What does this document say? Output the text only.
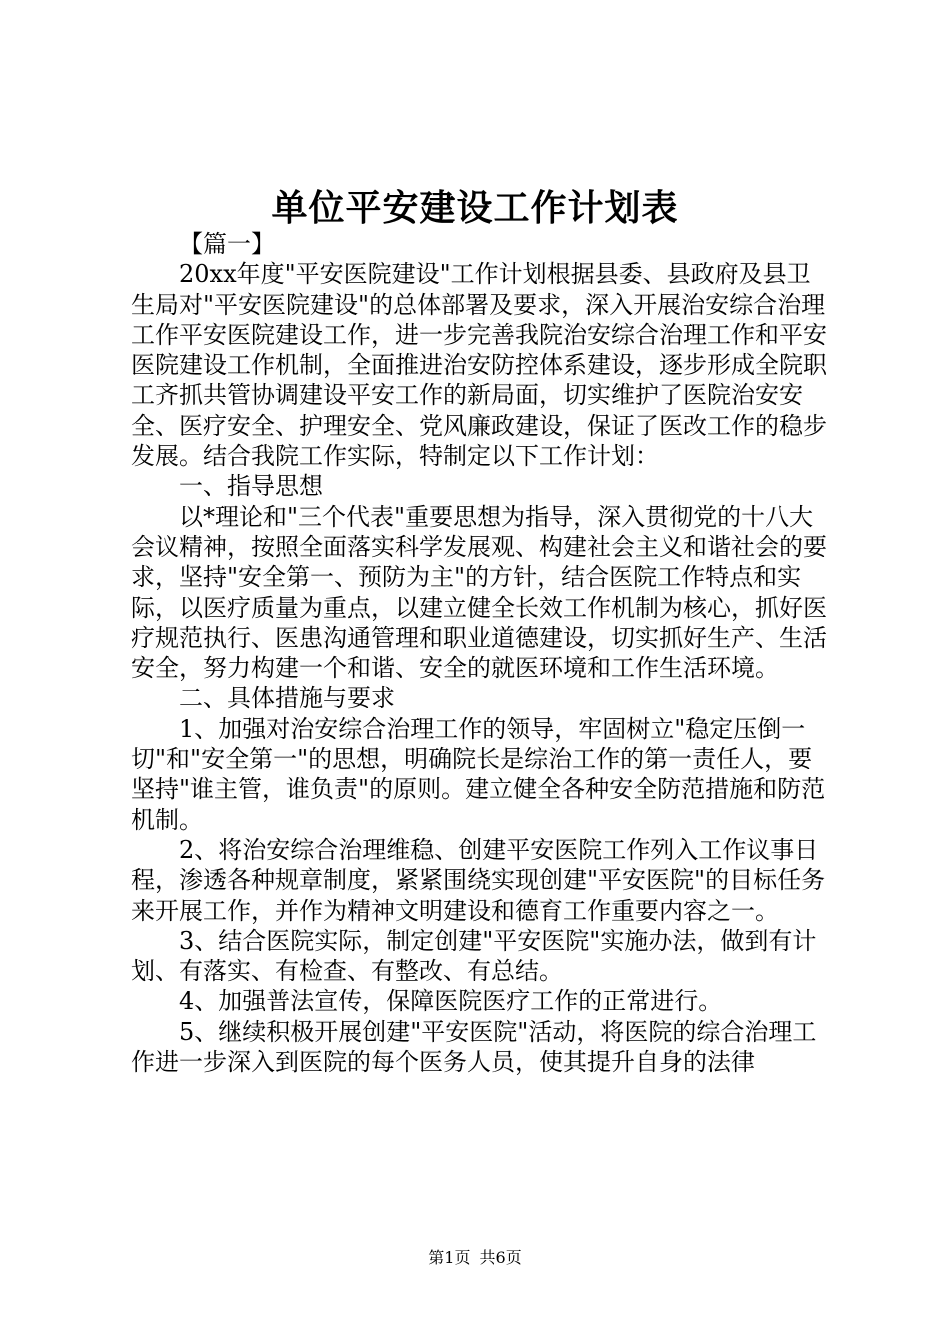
单位平安建设工作计划表

【篇一】

20xx年度"平安医院建设"工作计划根据县委、县政府及县卫生局对"平安医院建设"的总体部署及要求，深入开展治安综合治理工作平安医院建设工作，进一步完善我院治安综合治理工作和平安医院建设工作机制，全面推进治安防控体系建设，逐步形成全院职工齐抓共管协调建设平安工作的新局面，切实维护了医院治安安全、医疗安全、护理安全、党风廉政建设，保证了医改工作的稳步发展。结合我院工作实际，特制定以下工作计划：

一、指导思想

以*理论和"三个代表"重要思想为指导，深入贯彻党的十八大会议精神，按照全面落实科学发展观、构建社会主义和谐社会的要求，坚持"安全第一、预防为主"的方针，结合医院工作特点和实际，以医疗质量为重点，以建立健全长效工作机制为核心，抓好医疗规范执行、医患沟通管理和职业道德建设，切实抓好生产、生活安全，努力构建一个和谐、安全的就医环境和工作生活环境。

二、具体措施与要求

1、加强对治安综合治理工作的领导，牢固树立"稳定压倒一切"和"安全第一"的思想，明确院长是综治工作的第一责任人，要坚持"谁主管，谁负责"的原则。建立健全各种安全防范措施和防范机制。

2、将治安综合治理维稳、创建平安医院工作列入工作议事日程，渗透各种规章制度，紧紧围绕实现创建"平安医院"的目标任务来开展工作，并作为精神文明建设和德育工作重要内容之一。

3、结合医院实际，制定创建"平安医院"实施办法，做到有计划、有落实、有检查、有整改、有总结。

4、加强普法宣传，保障医院医疗工作的正常进行。

5、继续积极开展创建"平安医院"活动，将医院的综合治理工作进一步深入到医院的每个医务人员，使其提升自身的法律

第1页 共6页
